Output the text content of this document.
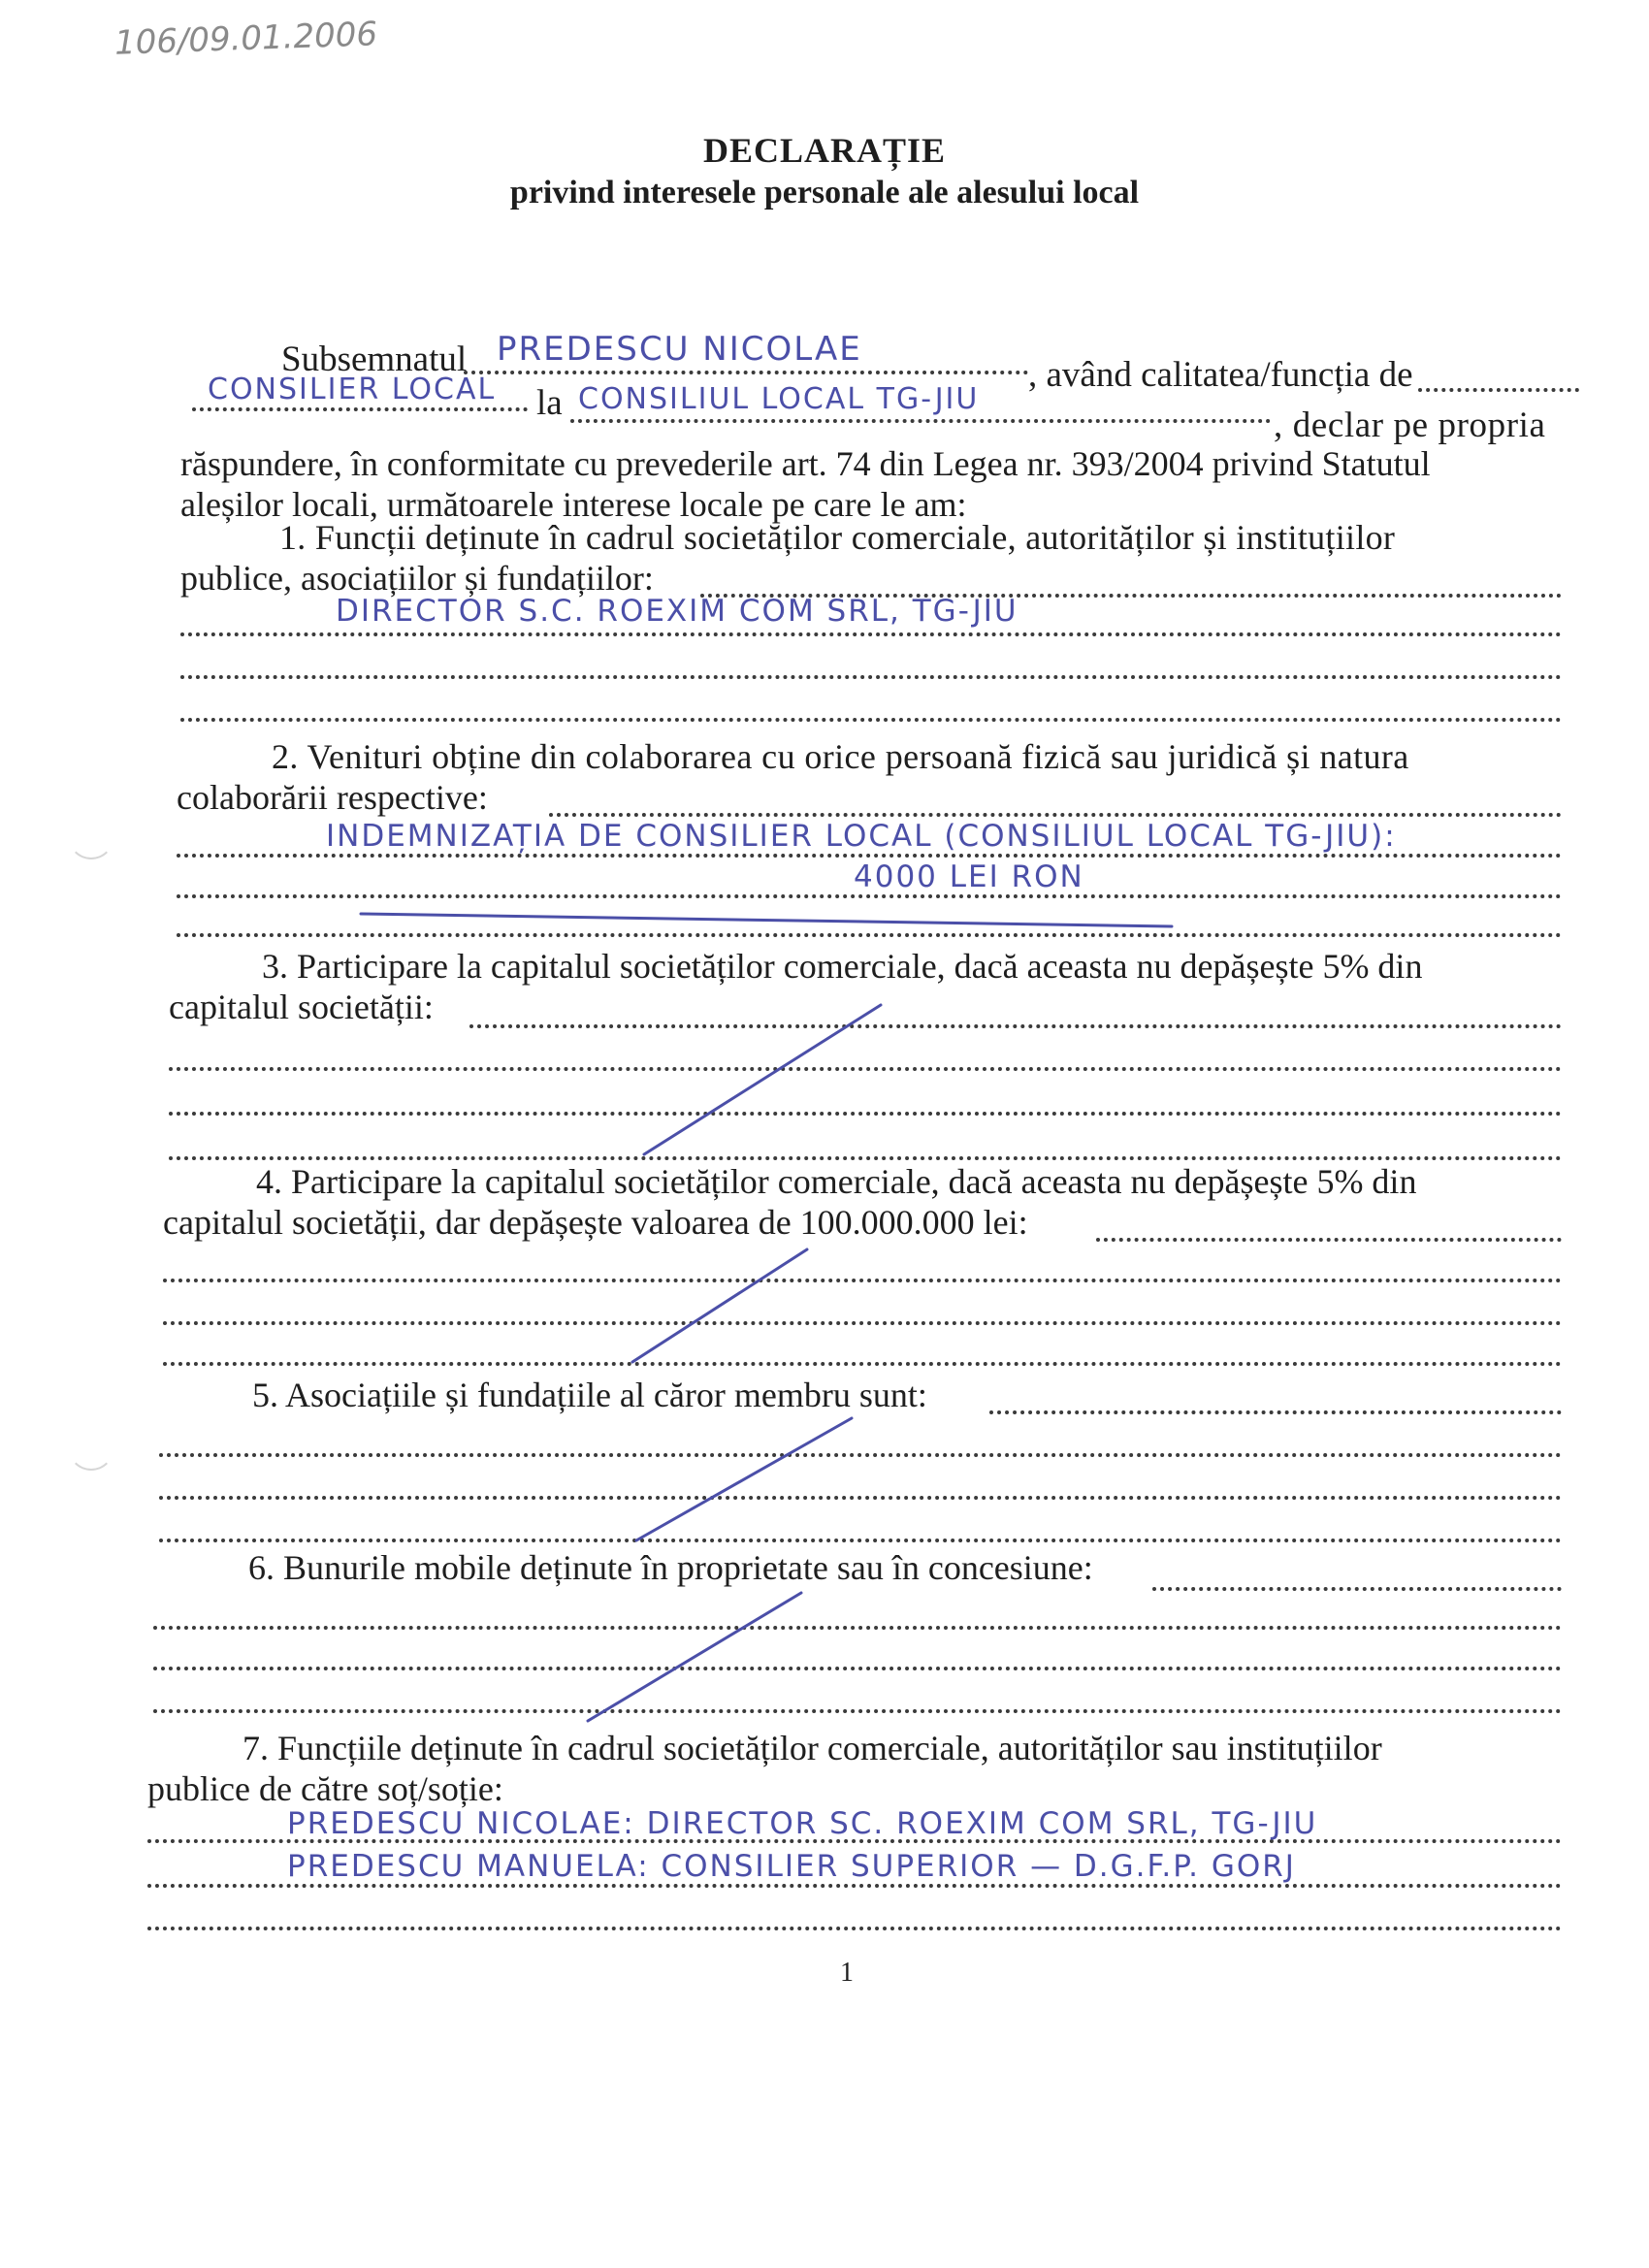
106/09.01.2006
DECLARAȚIE
privind interesele personale ale alesului local
Subsemnatul PREDESCU NICOLAE
, având calitatea/funcția de
CONSILIER LOCAL la CONSILIUL LOCAL TG-JIU
, declar pe propria
răspundere, în conformitate cu prevederile art. 74 din Legea nr. 393/2004 privind Statutul
aleșilor locali, următoarele interese locale pe care le am:
1. Funcții deținute în cadrul societăților comerciale, autorităților și instituțiilor
publice, asociațiilor și fundațiilor:
DIRECTOR S.C. ROEXIM COM SRL, TG-JIU
2. Venituri obține din colaborarea cu orice persoană fizică sau juridică și natura
colaborării respective:
INDEMNIZAȚIA DE CONSILIER LOCAL (CONSILIUL LOCAL TG-JIU):
4000 LEI RON
3. Participare la capitalul societăților comerciale, dacă aceasta nu depășește 5% din
capitalul societății:
4. Participare la capitalul societăților comerciale, dacă aceasta nu depășește 5% din
capitalul societății, dar depășește valoarea de 100.000.000 lei:
5. Asociațiile și fundațiile al căror membru sunt:
6. Bunurile mobile deținute în proprietate sau în concesiune:
7. Funcțiile deținute în cadrul societăților comerciale, autorităților sau instituțiilor
publice de către soț/soție:
PREDESCU NICOLAE: DIRECTOR SC. ROEXIM COM SRL, TG-JIU
PREDESCU MANUELA: CONSILIER SUPERIOR — D.G.F.P. GORJ
1
